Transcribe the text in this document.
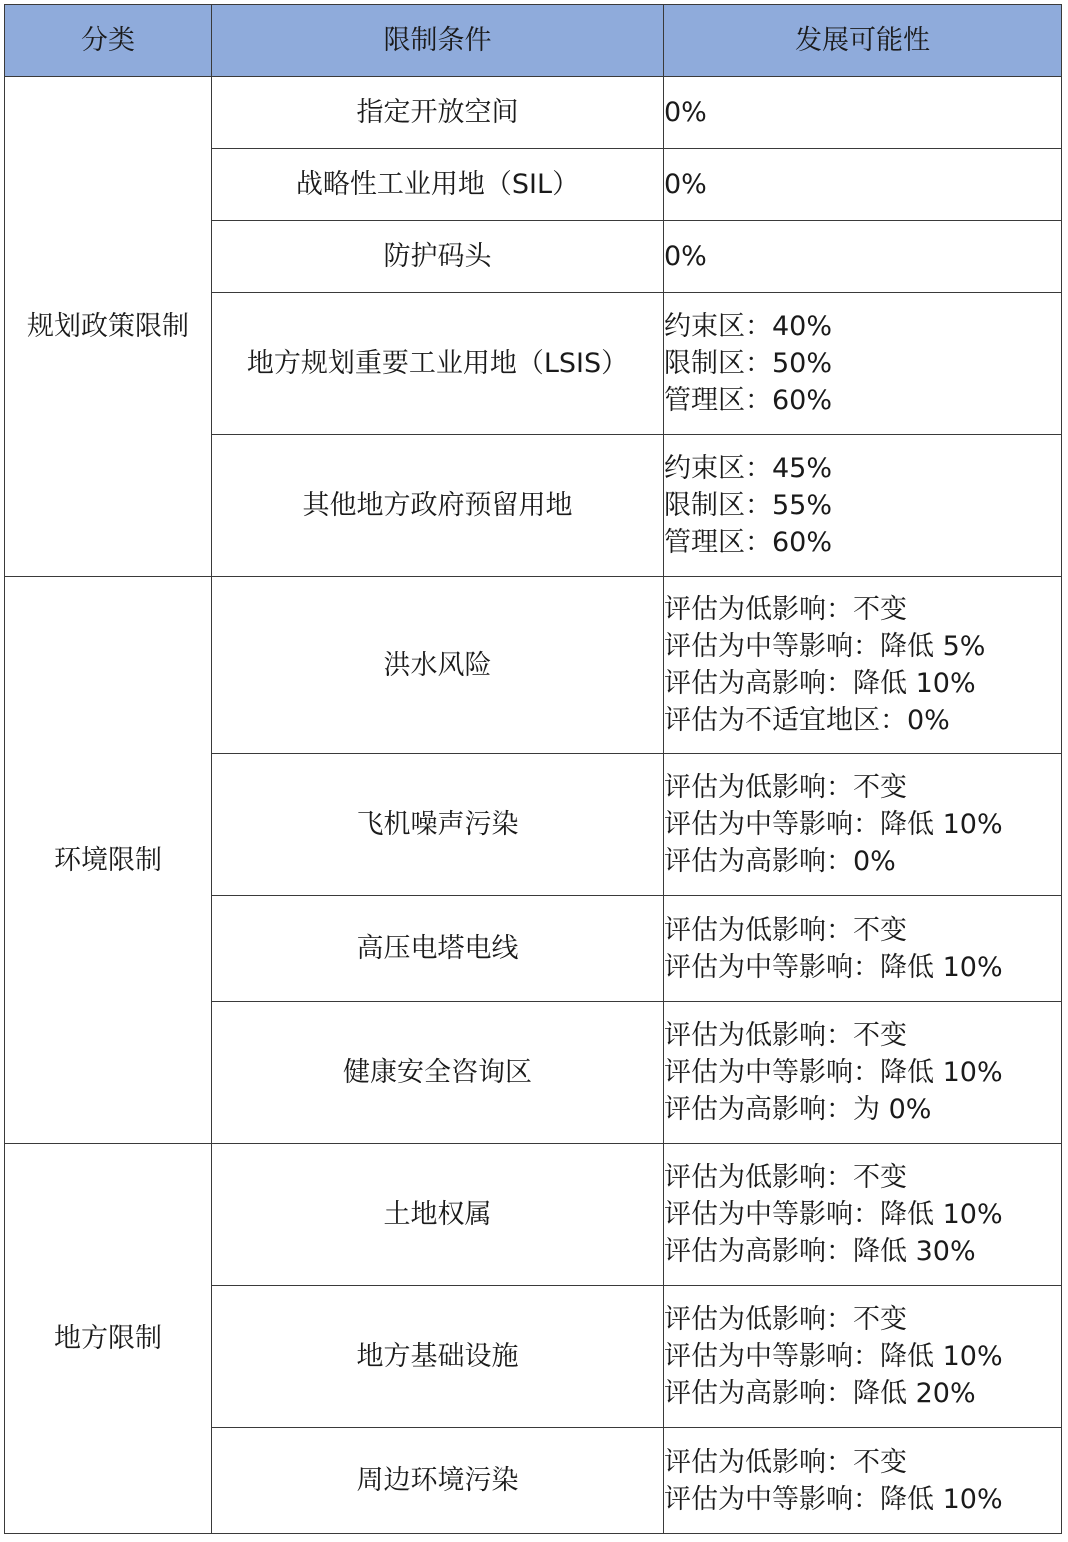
分类	限制条件	发展可能性
规划政策限制	指定开放空间	0%

	战略性工业用地（SIL）	0%

	防护码头	0%

	地方规划重要工业用地（LSIS）	约束区：40%
限制区：50%
管理区：60%

	其他地方政府预留用地	约束区：45%
限制区：55%
管理区：60%

环境限制	洪水风险	评估为低影响：不变
评估为中等影响：降低 5%
评估为高影响：降低 10%
评估为不适宜地区：0%

	飞机噪声污染	评估为低影响：不变
评估为中等影响：降低 10%
评估为高影响：0%

	高压电塔电线	评估为低影响：不变
评估为中等影响：降低 10%

	健康安全咨询区	评估为低影响：不变
评估为中等影响：降低 10%
评估为高影响：为 0%

地方限制	土地权属	评估为低影响：不变
评估为中等影响：降低 10%
评估为高影响：降低 30%

	地方基础设施	评估为低影响：不变
评估为中等影响：降低 10%
评估为高影响：降低 20%

	周边环境污染	评估为低影响：不变
评估为中等影响：降低 10%
